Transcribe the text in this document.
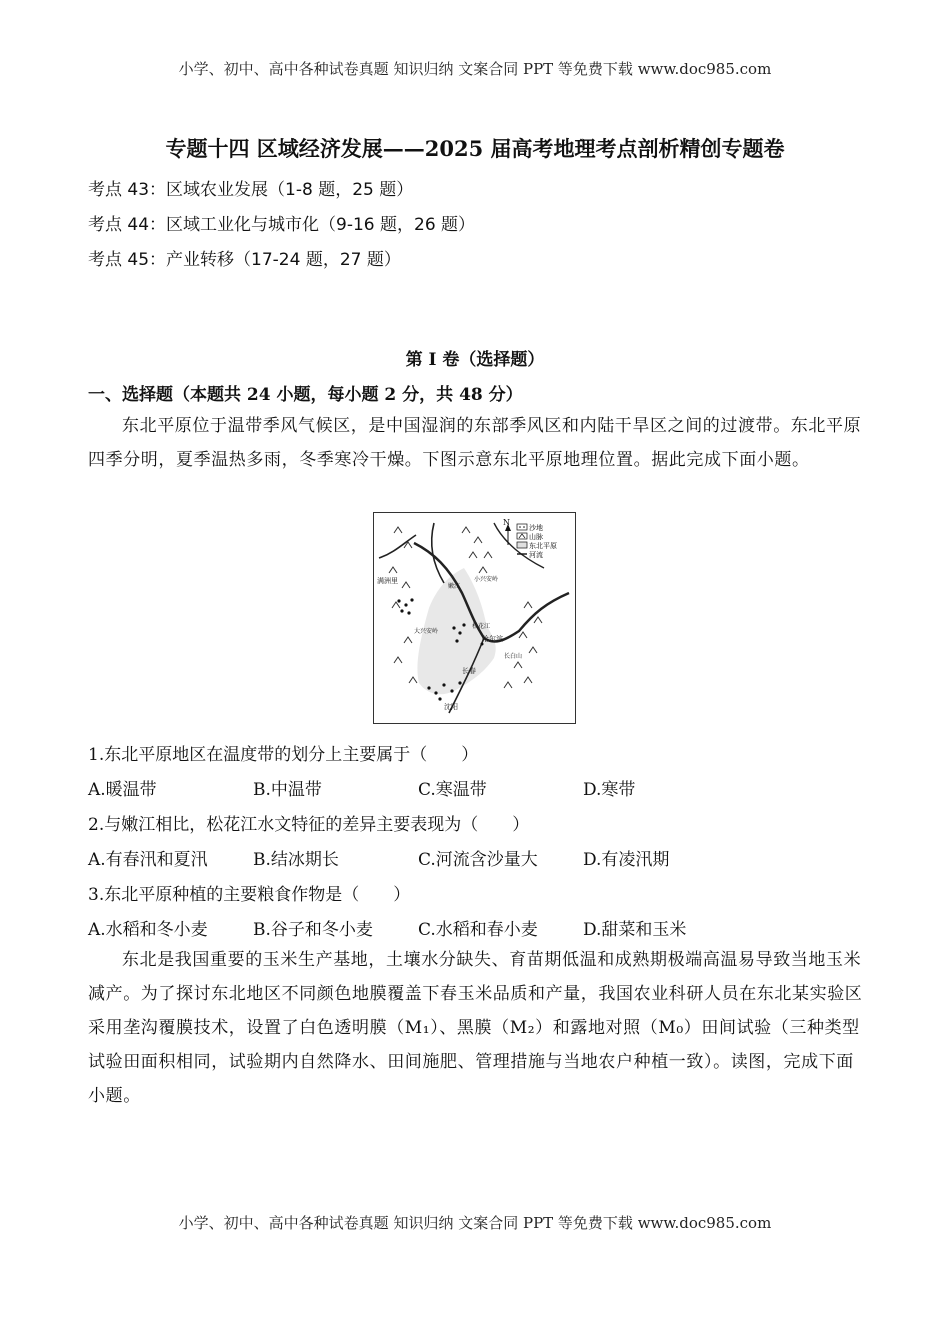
小学、初中、高中各种试卷真题 知识归纳 文案合同 PPT 等免费下载 www.doc985.com
专题十四 区域经济发展——2025 届高考地理考点剖析精创专题卷
考点 43：区域农业发展（1-8 题，25 题）
考点 44：区域工业化与城市化（9-16 题，26 题）
考点 45：产业转移（17-24 题，27 题）
第 I 卷（选择题）
一、选择题（本题共 24 小题，每小题 2 分，共 48 分）
东北平原位于温带季风气候区，是中国湿润的东部季风区和内陆干旱区之间的过渡带。东北平原四季分明，夏季温热多雨，冬季寒冷干燥。下图示意东北平原地理位置。据此完成下面小题。
N
沙地
山脉
东北平原
河流
满洲里
哈尔滨
长春
沈阳
松花江
嫩江
长白山
大兴安岭
小兴安岭
1.东北平原地区在温度带的划分上主要属于（　　）
A.暖温带	B.中温带	C.寒温带	D.寒带
2.与嫩江相比，松花江水文特征的差异主要表现为（　　）
A.有春汛和夏汛	B.结冰期长	C.河流含沙量大	D.有凌汛期
3.东北平原种植的主要粮食作物是（　　）
A.水稻和冬小麦	B.谷子和冬小麦	C.水稻和春小麦	D.甜菜和玉米
东北是我国重要的玉米生产基地，土壤水分缺失、育苗期低温和成熟期极端高温易导致当地玉米减产。为了探讨东北地区不同颜色地膜覆盖下春玉米品质和产量，我国农业科研人员在东北某实验区采用垄沟覆膜技术，设置了白色透明膜（M₁）、黑膜（M₂）和露地对照（M₀）田间试验（三种类型试验田面积相同，试验期内自然降水、田间施肥、管理措施与当地农户种植一致）。读图，完成下面小题。
小学、初中、高中各种试卷真题 知识归纳 文案合同 PPT 等免费下载 www.doc985.com
